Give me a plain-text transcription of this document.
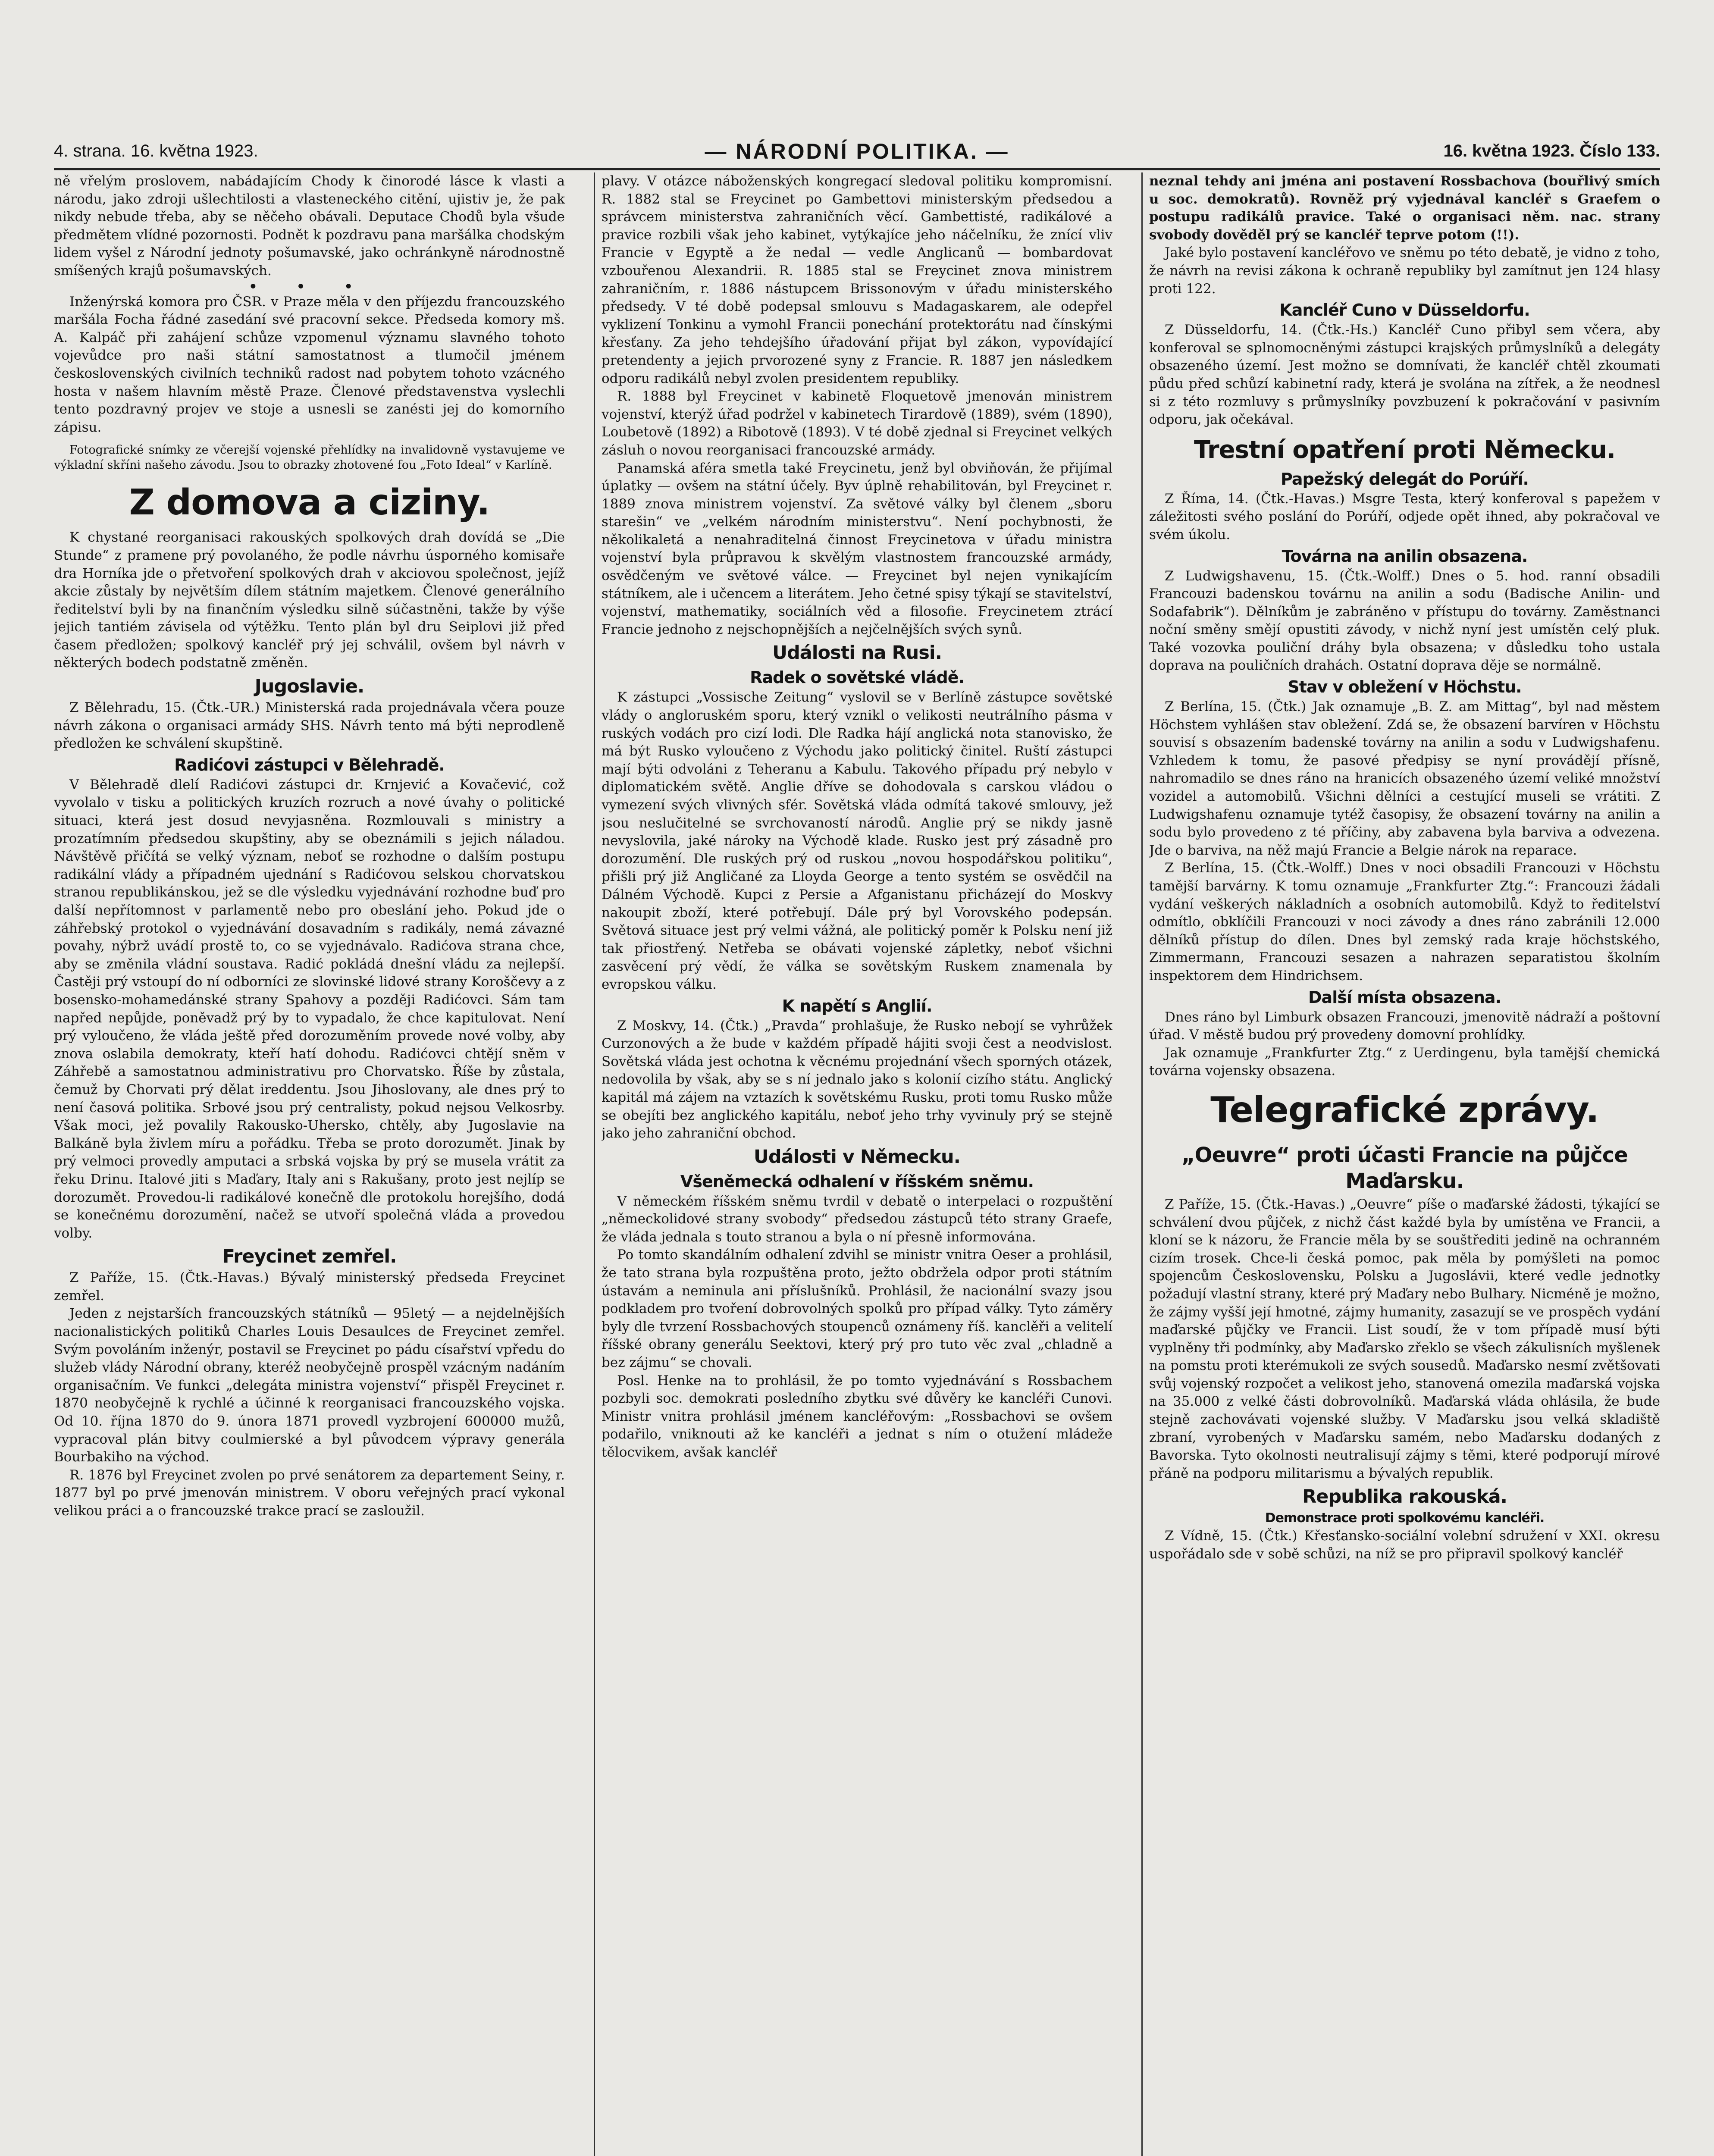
4. strana. 16. května 1923.	— NÁRODNÍ POLITIKA. —	16. května 1923. Číslo 133.

ně vřelým proslovem, nabádajícím Chody k činorodé lásce k vlasti a národu, jako zdroji ušlechtilosti a vlasteneckého citění, ujistiv je, že pak nikdy nebude třeba, aby se něčeho obávali. Deputace Chodů byla všude předmětem vlídné pozornosti. Podnět k pozdravu pana maršálka chodským lidem vyšel z Národní jednoty pošumavské, jako ochránkyně národnostně smíšených krajů pošumavských.

• • •

Inženýrská komora pro ČSR. v Praze měla v den příjezdu francouzského maršála Focha řádné zasedání své pracovní sekce. Předseda komory mš. A. Kalpáč při zahájení schůze vzpomenul významu slavného tohoto vojevůdce pro naši státní samostatnost a tlumočil jménem československých civilních techniků radost nad pobytem tohoto vzácného hosta v našem hlavním městě Praze. Členové představenstva vyslechli tento pozdravný projev ve stoje a usnesli se zanésti jej do komorního zápisu.

Fotografické snímky ze včerejší vojenské přehlídky na invalidovně vystavujeme ve výkladní skříni našeho závodu. Jsou to obrazky zhotovené fou „Foto Ideal“ v Karlíně.

Z domova a ciziny.

K chystané reorganisaci rakouských spolkových drah dovídá se „Die Stunde“ z pramene prý povolaného, že podle návrhu úsporného komisaře dra Horníka jde o přetvoření spolkových drah v akciovou společnost, jejíž akcie zůstaly by největším dílem státním majetkem. Členové generálního ředitelství byli by na finančním výsledku silně súčastněni, takže by výše jejich tantiém závisela od výtěžku. Tento plán byl dru Seiplovi již před časem předložen; spolkový kancléř prý jej schválil, ovšem byl návrh v některých bodech podstatně změněn.

Jugoslavie.

Z Bělehradu, 15. (Čtk.-UR.) Ministerská rada projednávala včera pouze návrh zákona o organisaci armády SHS. Návrh tento má býti neprodleně předložen ke schválení skupštině.

Radićovi zástupci v Bělehradě.

V Bělehradě dlelí Radićovi zástupci dr. Krnjević a Kovačević, což vyvolalo v tisku a politických kruzích rozruch a nové úvahy o politické situaci, která jest dosud nevyjasněna. Rozmlouvali s ministry a prozatímním předsedou skupštiny, aby se obeznámili s jejich náladou. Návštěvě přičítá se velký význam, neboť se rozhodne o dalším postupu radikální vlády a případném ujednání s Radićovou selskou chorvatskou stranou republikánskou, jež se dle výsledku vyjednávání rozhodne buď pro další nepřítomnost v parlamentě nebo pro obeslání jeho. Pokud jde o záhřebský protokol o vyjednávání dosavadním s radikály, nemá závazné povahy, nýbrž uvádí prostě to, co se vyjednávalo. Radićova strana chce, aby se změnila vládní soustava. Radić pokládá dnešní vládu za nejlepší. Častěji prý vstoupí do ní odborníci ze slovinské lidové strany Koroščevy a z bosensko-mohamedánské strany Spahovy a později Radićovci. Sám tam napřed nepůjde, poněvadž prý by to vypadalo, že chce kapitulovat. Není prý vyloučeno, že vláda ještě před dorozuměním provede nové volby, aby znova oslabila demokraty, kteří hatí dohodu. Radićovci chtějí sněm v Záhřebě a samostatnou administrativu pro Chorvatsko. Říše by zůstala, čemuž by Chorvati prý dělat ireddentu. Jsou Jihoslovany, ale dnes prý to není časová politika. Srbové jsou prý centralisty, pokud nejsou Velkosrby. Však moci, jež povalily Rakousko-Uhersko, chtěly, aby Jugoslavie na Balkáně byla živlem míru a pořádku. Třeba se proto dorozumět. Jinak by prý velmoci provedly amputaci a srbská vojska by prý se musela vrátit za řeku Drinu. Italové jiti s Maďary, Italy ani s Rakušany, proto jest nejlíp se dorozumět. Provedou-li radikálové konečně dle protokolu horejšího, dodá se konečnému dorozumění, načež se utvoří společná vláda a provedou volby.

Freycinet zemřel.

Z Paříže, 15. (Čtk.-Havas.) Bývalý ministerský předseda Freycinet zemřel.

Jeden z nejstarších francouzských státníků — 95letý — a nejdelnějších nacionalistických politiků Charles Louis Desaulces de Freycinet zemřel. Svým povoláním inženýr, postavil se Freycinet po pádu císařství vpředu do služeb vlády Národní obrany, kteréž neobyčejně prospěl vzácným nadáním organisačním. Ve funkci „delegáta ministra vojenství“ přispěl Freycinet r. 1870 neobyčejně k rychlé a účinné k reorganisaci francouzského vojska. Od 10. října 1870 do 9. února 1871 provedl vyzbrojení 600000 mužů, vypracoval plán bitvy coulmierské a byl původcem výpravy generála Bourbakiho na východ.

R. 1876 byl Freycinet zvolen po prvé senátorem za departement Seiny, r. 1877 byl po prvé jmenován ministrem. V oboru veřejných prací vykonal velikou práci a o francouzské trakce prací se zasloužil.

plavy. V otázce náboženských kongregací sledoval politiku kompromisní. R. 1882 stal se Freycinet po Gambettovi ministerským předsedou a správcem ministerstva zahraničních věcí. Gambettisté, radikálové a pravice rozbili však jeho kabinet, vytýkajíce jeho náčelníku, že znící vliv Francie v Egyptě a že nedal — vedle Anglicanů — bombardovat vzbouřenou Alexandrii. R. 1885 stal se Freycinet znova ministrem zahraničním, r. 1886 nástupcem Brissonovým v úřadu ministerského předsedy. V té době podepsal smlouvu s Madagaskarem, ale odepřel vyklizení Tonkinu a vymohl Francii ponechání protektorátu nad čínskými křesťany. Za jeho tehdejšího úřadování přijat byl zákon, vypovídající pretendenty a jejich prvorozené syny z Francie. R. 1887 jen následkem odporu radikálů nebyl zvolen presidentem republiky.

R. 1888 byl Freycinet v kabinetě Floquetově jmenován ministrem vojenství, kterýž úřad podržel v kabinetech Tirardově (1889), svém (1890), Loubetově (1892) a Ribotově (1893). V té době zjednal si Freycinet velkých zásluh o novou reorganisaci francouzské armády.

Panamská aféra smetla také Freycinetu, jenž byl obviňován, že přijímal úplatky — ovšem na státní účely. Byv úplně rehabilitován, byl Freycinet r. 1889 znova ministrem vojenství. Za světové války byl členem „sboru starešin“ ve „velkém národním ministerstvu“. Není pochybnosti, že několikaletá a nenahraditelná činnost Freycinetova v úřadu ministra vojenství byla průpravou k skvělým vlastnostem francouzské armády, osvědčeným ve světové válce. — Freycinet byl nejen vynikajícím státníkem, ale i učencem a literátem. Jeho četné spisy týkají se stavitelství, vojenství, mathematiky, sociálních věd a filosofie. Freycinetem ztrácí Francie jednoho z nejschopnějších a nejčelnějších svých synů.

Události na Rusi.
Radek o sovětské vládě.

K zástupci „Vossische Zeitung“ vyslovil se v Berlíně zástupce sovětské vlády o angloruském sporu, který vznikl o velikosti neutrálního pásma v ruských vodách pro cizí lodi. Dle Radka hájí anglická nota stanovisko, že má být Rusko vyloučeno z Východu jako politický činitel. Ruští zástupci mají býti odvoláni z Teheranu a Kabulu. Takového případu prý nebylo v diplomatickém světě. Anglie dříve se dohodovala s carskou vládou o vymezení svých vlivných sfér. Sovětská vláda odmítá takové smlouvy, jež jsou neslučitelné se svrchovaností národů. Anglie prý se nikdy jasně nevyslovila, jaké nároky na Východě klade. Rusko jest prý zásadně pro dorozumění. Dle ruských prý od ruskou „novou hospodářskou politiku“, přišli prý již Angličané za Lloyda George a tento systém se osvědčil na Dálném Východě. Kupci z Persie a Afganistanu přicházejí do Moskvy nakoupit zboží, které potřebují. Dále prý byl Vorovského podepsán. Světová situace jest prý velmi vážná, ale politický poměr k Polsku není již tak přiostřený. Netřeba se obávati vojenské zápletky, neboť všichni zasvěcení prý vědí, že válka se sovětským Ruskem znamenala by evropskou válku.

K napětí s Anglií.

Z Moskvy, 14. (Čtk.) „Pravda“ prohlašuje, že Rusko nebojí se vyhrůžek Curzonových a že bude v každém případě hájiti svoji čest a neodvislost. Sovětská vláda jest ochotna k věcnému projednání všech sporných otázek, nedovolila by však, aby se s ní jednalo jako s kolonií cizího státu. Anglický kapitál má zájem na vztazích k sovětskému Rusku, proti tomu Rusko může se obejíti bez anglického kapitálu, neboť jeho trhy vyvinuly prý se stejně jako jeho zahraniční obchod.

Události v Německu.
Všeněmecká odhalení v říšském sněmu.

V německém říšském sněmu tvrdil v debatě o interpelaci o rozpuštění „německolidové strany svobody“ předsedou zástupců této strany Graefe, že vláda jednala s touto stranou a byla o ní přesně informována.

Po tomto skandálním odhalení zdvihl se ministr vnitra Oeser a prohlásil, že tato strana byla rozpuštěna proto, ježto obdržela odpor proti státním ústavám a neminula ani příslušníků. Prohlásil, že nacionální svazy jsou podkladem pro tvoření dobrovolných spolků pro případ války. Tyto záměry byly dle tvrzení Rossbachových stoupenců oznámeny říš. kanclěři a velitelí říšské obrany generálu Seektovi, který prý pro tuto věc zval „chladně a bez zájmu“ se chovali.

Posl. Henke na to prohlásil, že po tomto vyjednávání s Rossbachem pozbyli soc. demokrati posledního zbytku své důvěry ke kancléři Cunovi. Ministr vnitra prohlásil jménem kancléřovým: „Rossbachovi se ovšem podařilo, vniknouti až ke kancléři a jednat s ním o otužení mládeže tělocvikem, avšak kancléř

neznal tehdy ani jména ani postavení Rossbachova (bouřlivý smích u soc. demokratů). Rovněž prý vyjednával kancléř s Graefem o postupu radikálů pravice. Také o organisaci něm. nac. strany svobody dověděl prý se kancléř teprve potom (!!).

Jaké bylo postavení kancléřovo ve sněmu po této debatě, je vidno z toho, že návrh na revisi zákona k ochraně republiky byl zamítnut jen 124 hlasy proti 122.

Kancléř Cuno v Düsseldorfu.

Z Düsseldorfu, 14. (Čtk.-Hs.) Kancléř Cuno přibyl sem včera, aby konferoval se splnomocněnými zástupci krajských průmyslníků a delegáty obsazeného území. Jest možno se domnívati, že kancléř chtěl zkoumati půdu před schůzí kabinetní rady, která je svolána na zítřek, a že neodnesl si z této rozmluvy s průmyslníky povzbuzení k pokračování v pasivním odporu, jak očekával.

Trestní opatření proti Německu.
Papežský delegát do Porúří.

Z Říma, 14. (Čtk.-Havas.) Msgre Testa, který konferoval s papežem v záležitosti svého poslání do Porúří, odjede opět ihned, aby pokračoval ve svém úkolu.

Továrna na anilin obsazena.

Z Ludwigshavenu, 15. (Čtk.-Wolff.) Dnes o 5. hod. ranní obsadili Francouzi badenskou továrnu na anilin a sodu (Badische Anilin- und Sodafabrik“). Dělníkům je zabráněno v přístupu do továrny. Zaměstnanci noční směny smějí opustiti závody, v nichž nyní jest umístěn celý pluk. Také vozovka pouliční dráhy byla obsazena; v důsledku toho ustala doprava na pouličních drahách. Ostatní doprava děje se normálně.

Stav v obležení v Höchstu.

Z Berlína, 15. (Čtk.) Jak oznamuje „B. Z. am Mittag“, byl nad městem Höchstem vyhlášen stav obležení. Zdá se, že obsazení barvíren v Höchstu souvisí s obsazením badenské továrny na anilin a sodu v Ludwigshafenu. Vzhledem k tomu, že pasové předpisy se nyní provádějí přísně, nahromadilo se dnes ráno na hranicích obsazeného území veliké množství vozidel a automobilů. Všichni dělníci a cestující museli se vrátiti. Z Ludwigshafenu oznamuje tytéž časopisy, že obsazení továrny na anilin a sodu bylo provedeno z té příčiny, aby zabavena byla barviva a odvezena. Jde o barviva, na něž majú Francie a Belgie nárok na reparace.

Z Berlína, 15. (Čtk.-Wolff.) Dnes v noci obsadili Francouzi v Höchstu tamější barvárny. K tomu oznamuje „Frankfurter Ztg.“: Francouzi žádali vydání veškerých nákladních a osobních automobilů. Když to ředitelství odmítlo, obklíčili Francouzi v noci závody a dnes ráno zabránili 12.000 dělníků přístup do dílen. Dnes byl zemský rada kraje höchstského, Zimmermann, Francouzi sesazen a nahrazen separatistou školním inspektorem dem Hindrichsem.

Další místa obsazena.

Dnes ráno byl Limburk obsazen Francouzi, jmenovitě nádraží a poštovní úřad. V městě budou prý provedeny domovní prohlídky.

Jak oznamuje „Frankfurter Ztg.“ z Uerdingenu, byla tamější chemická továrna vojensky obsazena.

Telegrafické zprávy.
„Oeuvre“ proti účasti Francie na půjčce Maďarsku.

Z Paříže, 15. (Čtk.-Havas.) „Oeuvre“ píše o maďarské žádosti, týkající se schválení dvou půjček, z nichž část každé byla by umístěna ve Francii, a kloní se k názoru, že Francie měla by se souštřediti jedině na ochranném cizím trosek. Chce-li česká pomoc, pak měla by pomýšleti na pomoc spojencům Československu, Polsku a Jugoslávii, které vedle jednotky požadují vlastní strany, které prý Maďary nebo Bulhary. Nicméně je možno, že zájmy vyšší její hmotné, zájmy humanity, zasazují se ve prospěch vydání maďarské půjčky ve Francii. List soudí, že v tom případě musí býti vyplněny tři podmínky, aby Maďarsko zřeklo se všech zákulisních myšlenek na pomstu proti kterémukoli ze svých sousedů. Maďarsko nesmí zvětšovati svůj vojenský rozpočet a velikost jeho, stanovená omezila maďarská vojska na 35.000 z velké části dobrovolníků. Maďarská vláda ohlásila, že bude stejně zachovávati vojenské služby. V Maďarsku jsou velká skladiště zbraní, vyrobených v Maďarsku samém, nebo Maďarsku dodaných z Bavorska. Tyto okolnosti neutralisují zájmy s těmi, které podporují mírové přáně na podporu militarismu a bývalých republik.

Republika rakouská.
Demonstrace proti spolkovému kancléři.

Z Vídně, 15. (Čtk.) Křesťansko-sociální volební sdružení v XXI. okresu uspořádalo sde v sobě schůzi, na níž se pro připravil spolkový kancléř
